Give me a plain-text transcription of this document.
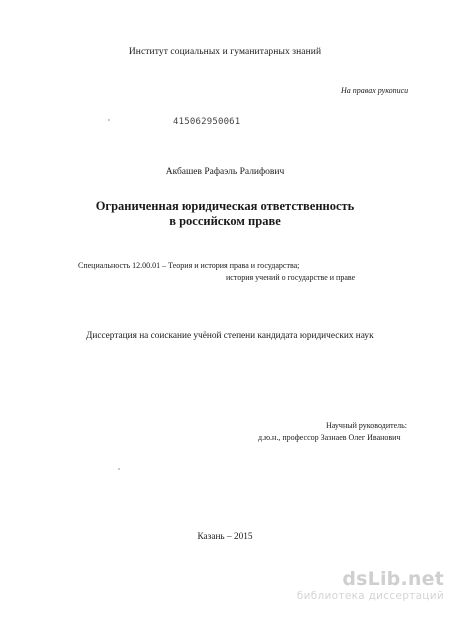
Институт социальных и гуманитарных знаний
На правах рукописи
415062950061
Акбашев Рафаэль Ралифович
Ограниченная юридическая ответственность
в российском праве
Специальность 12.00.01 – Теория и история права и государства;
история учений о государстве и праве
Диссертация на соискание учёной степени кандидата юридических наук
Научный руководитель:
д.ю.н., профессор Зазнаев Олег Иванович
Казань – 2015
dsLib.net
библиотека диссертаций
